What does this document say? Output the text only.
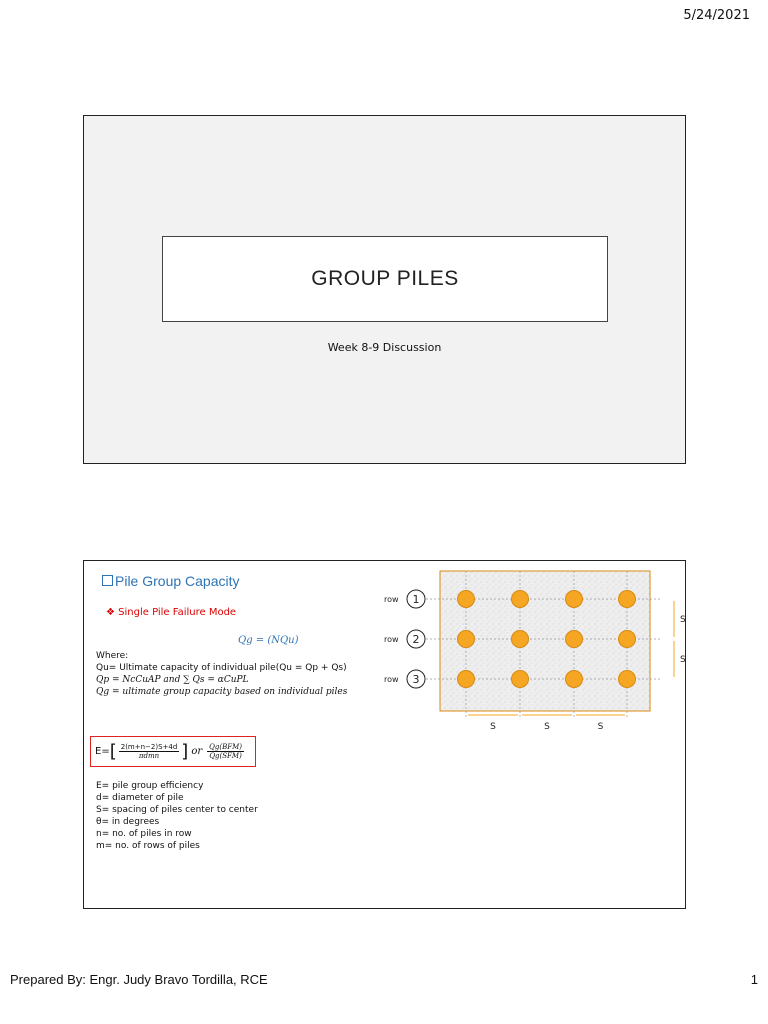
5/24/2021
GROUP PILES
Week 8-9 Discussion
Pile Group Capacity
❖ Single Pile Failure Mode
Qg = (NQu)
Where:
Qu= Ultimate capacity of individual pile(Qu = Qp + Qs)
Qp = NcCuAP and ∑ Qs = αCuPL
Qg = ultimate group capacity based on individual piles
E= [ $\frac{2(m+n-2)S+4d}{\text{πdmn}}$ ] or $\frac{\text{Qg(BFM)}}{\text{Qg(SFM)}}$
E= pile group efficiency
d= diameter of pile
S= spacing of piles center to center
θ= in degrees
n= no. of piles in row
m= no. of rows of piles
row 1
row 2
row 3
S	S	S
S
S
Prepared By: Engr. Judy Bravo Tordilla, RCE	1
